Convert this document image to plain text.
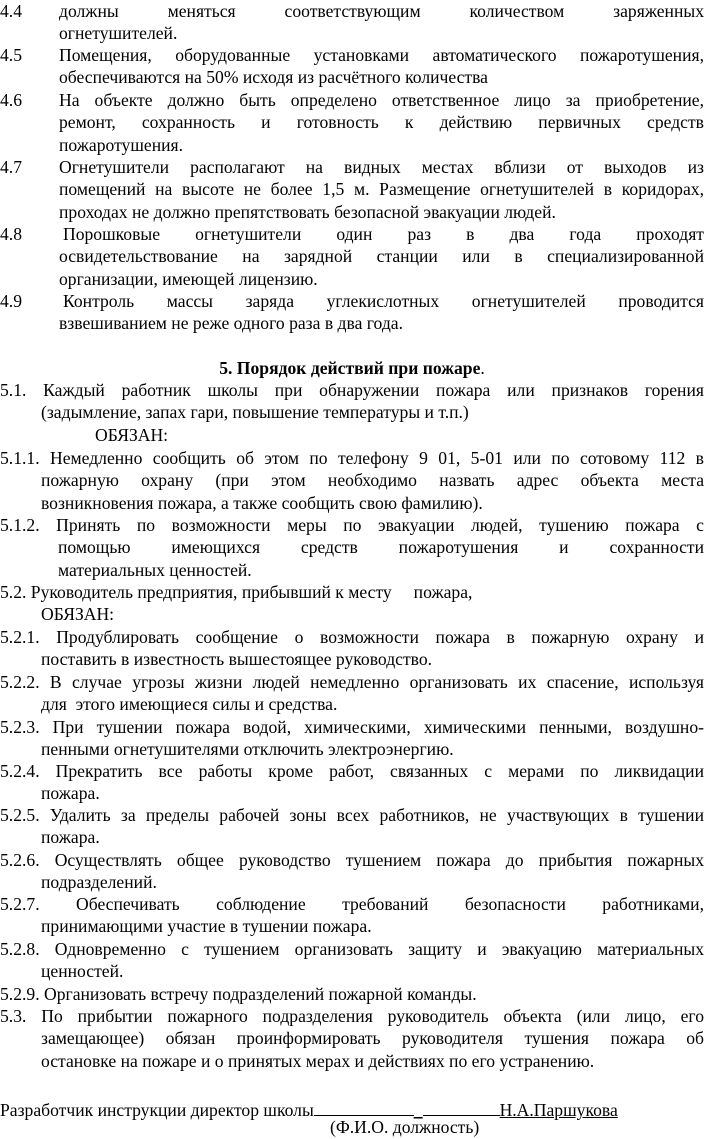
4.4 должны меняться соответствующим количеством заряженных
огнетушителей.
4.5 Помещения, оборудованные установками автоматического пожаротушения,
обеспечиваются на 50% исходя из расчётного количества
4.6 На объекте должно быть определено ответственное лицо за приобретение,
ремонт, сохранность и готовность к действию первичных средств
пожаротушения.
4.7 Огнетушители располагают на видных местах вблизи от выходов из
помещений на высоте не более 1,5 м. Размещение огнетушителей в коридорах,
проходах не должно препятствовать безопасной эвакуации людей.
4.8 Порошковые огнетушители один раз в два года проходят
освидетельствование на зарядной станции или в специализированной
организации, имеющей лицензию.
4.9 Контроль массы заряда углекислотных огнетушителей проводится
взвешиванием не реже одного раза в два года.
5. Порядок действий при пожаре.
5.1. Каждый работник школы при обнаружении пожара или признаков горения
(задымление, запах гари, повышение температуры и т.п.)
ОБЯЗАН:
5.1.1. Немедленно сообщить об этом по телефону 9 01, 5-01 или по сотовому 112 в
пожарную охрану (при этом необходимо назвать адрес объекта места
возникновения пожара, а также сообщить свою фамилию).
5.1.2. Принять по возможности меры по эвакуации людей, тушению пожара с
помощью имеющихся средств пожаротушения и сохранности
материальных ценностей.
5.2. Руководитель предприятия, прибывший к месту     пожара,
ОБЯЗАН:
5.2.1. Продублировать сообщение о возможности пожара в пожарную охрану и
поставить в известность вышестоящее руководство.
5.2.2. В случае угрозы жизни людей немедленно организовать их спасение, используя
для  этого имеющиеся силы и средства.
5.2.3. При тушении пожара водой, химическими, химическими пенными, воздушно-
пенными огнетушителями отключить электроэнергию.
5.2.4. Прекратить все работы кроме работ, связанных с мерами по ликвидации
пожара.
5.2.5. Удалить за пределы рабочей зоны всех работников, не участвующих в тушении
пожара.
5.2.6. Осуществлять общее руководство тушением пожара до прибытия пожарных
подразделений.
5.2.7. Обеспечивать соблюдение требований безопасности работниками,
принимающими участие в тушении пожара.
5.2.8. Одновременно с тушением организовать защиту и эвакуацию материальных
ценностей.
5.2.9. Организовать встречу подразделений пожарной команды.
5.3. По прибытии пожарного подразделения руководитель объекта (или лицо, его
замещающее) обязан проинформировать руководителя тушения пожара об
остановке на пожаре и о принятых мерах и действиях по его устранению.
Разработчик инструкции директор школы	_	Н.А.Паршукова
(Ф.И.О. должность)
